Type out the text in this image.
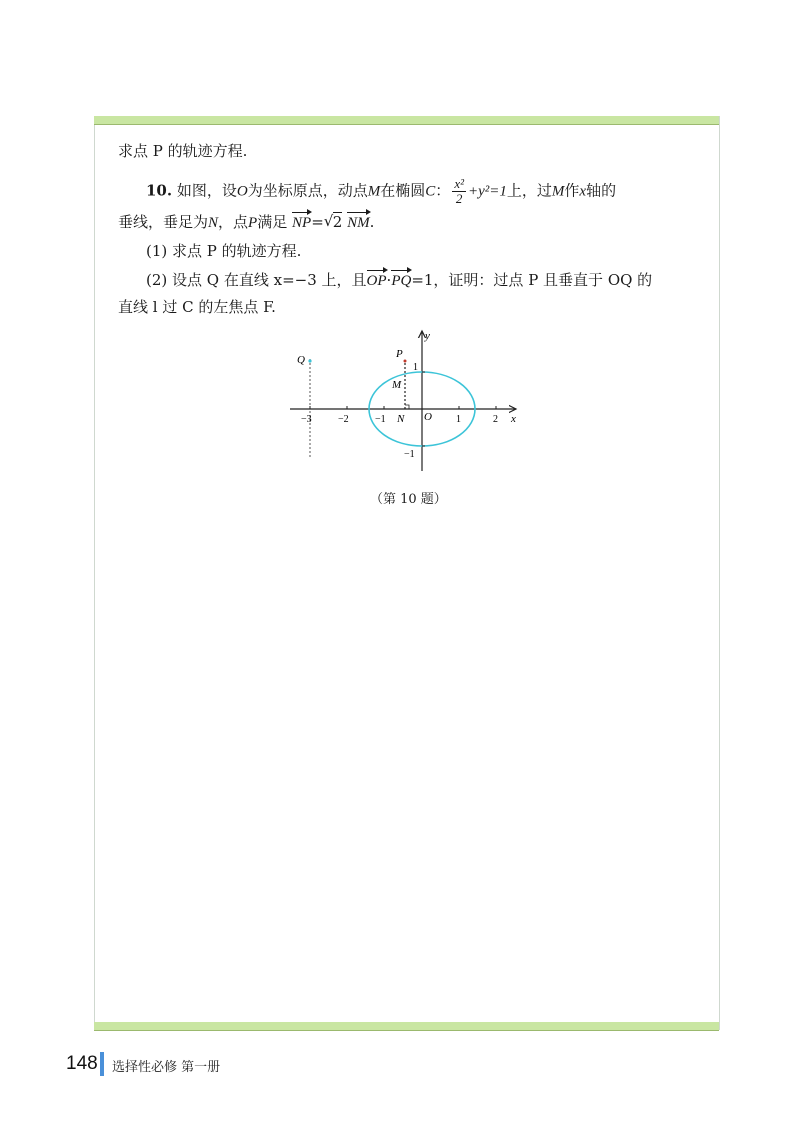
求点 P 的轨迹方程.
10. 如图，设O为坐标原点，动点M在椭圆C： $\frac{\text{x²}}{2} +y^2=1$上，过M作x轴的
垂线，垂足为N，点P满足 NP=√ 2 NM.
(1) 求点 P 的轨迹方程.
(2) 设点 Q 在直线 x=−3 上，且OP·PQ=1，证明：过点 P 且垂直于 OQ 的
直线 l 过 C 的左焦点 F.
y
x
Q	P
M
N O
−3	−2	−1	1	2
1
−1
（第 10 题）
148 选择性必修 第一册
